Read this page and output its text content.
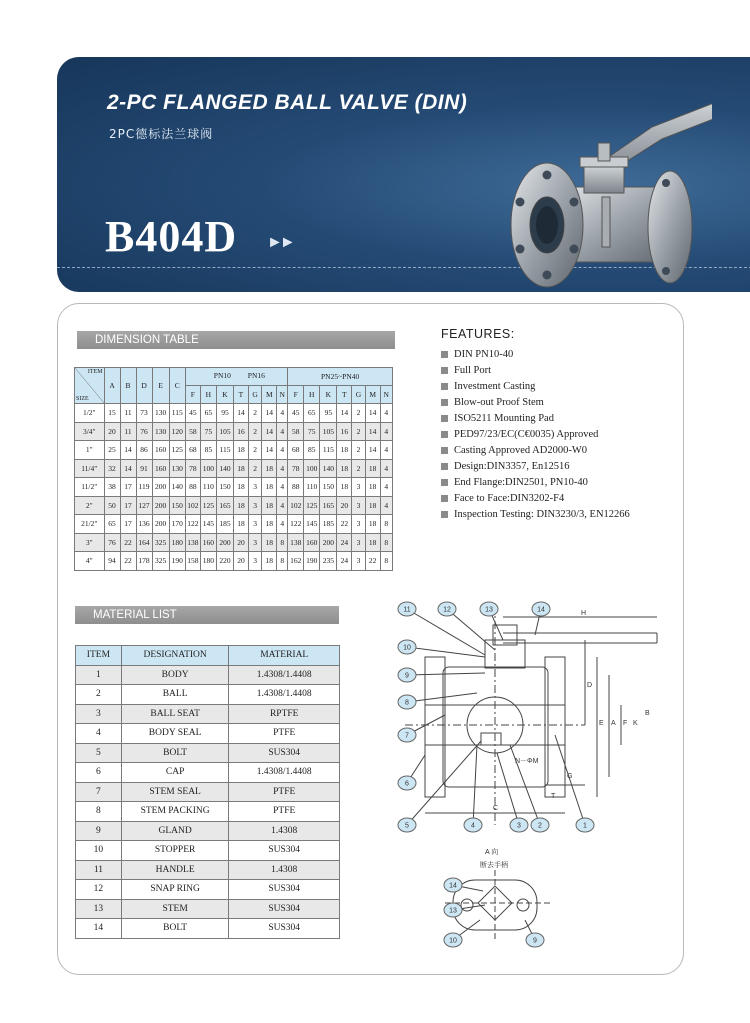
2-PC FLANGED BALL VALVE (DIN)
2PC德标法兰球阀
B404D ►►
DIMENSION TABLE
ITEM
SIZE	A	B	D	E	C	PN10 PN16							PN25~PN40						
						F	H	K	T	G	M	N	F	H	K	T	G	M	N
1/2"	15	11	73	130	115	45	65	95	14	2	14	4	45	65	95	14	2	14	4
3/4"	20	11	76	130	120	58	75	105	16	2	14	4	58	75	105	16	2	14	4
1"	25	14	86	160	125	68	85	115	18	2	14	4	68	85	115	18	2	14	4
11/4"	32	14	91	160	130	78	100	140	18	2	18	4	78	100	140	18	2	18	4
11/2"	38	17	119	200	140	88	110	150	18	3	18	4	88	110	150	18	3	18	4
2"	50	17	127	200	150	102	125	165	18	3	18	4	102	125	165	20	3	18	4
21/2"	65	17	136	200	170	122	145	185	18	3	18	4	122	145	185	22	3	18	8
3"	76	22	164	325	180	138	160	200	20	3	18	8	138	160	200	24	3	18	8
4"	94	22	178	325	190	158	180	220	20	3	18	8	162	190	235	24	3	22	8
MATERIAL LIST
ITEM	DESIGNATION	MATERIAL
1	BODY	1.4308/1.4408
2	BALL	1.4308/1.4408
3	BALL SEAT	RPTFE
4	BODY SEAL	PTFE
5	BOLT	SUS304
6	CAP	1.4308/1.4408
7	STEM SEAL	PTFE
8	STEM PACKING	PTFE
9	GLAND	1.4308
10	STOPPER	SUS304
11	HANDLE	1.4308
12	SNAP RING	SUS304
13	STEM	SUS304
14	BOLT	SUS304
FEATURES:
DIN PN10-40
Full Port
Investment Casting
Blow-out Proof Stem
ISO5211 Mounting Pad
PED97/23/EC(C€0035) Approved
Casting Approved AD2000-W0
Design:DIN3357, En12516
End Flange:DIN2501, PN10-40
Face to Face:DIN3202-F4
Inspection Testing: DIN3230/3, EN12266
H
D
E A F K
B
T
G
C
N－ΦM
A 向
断去手柄
11	12	13	14
10
9
8
7
6
5	4	3 2	1
14
13
10	9
